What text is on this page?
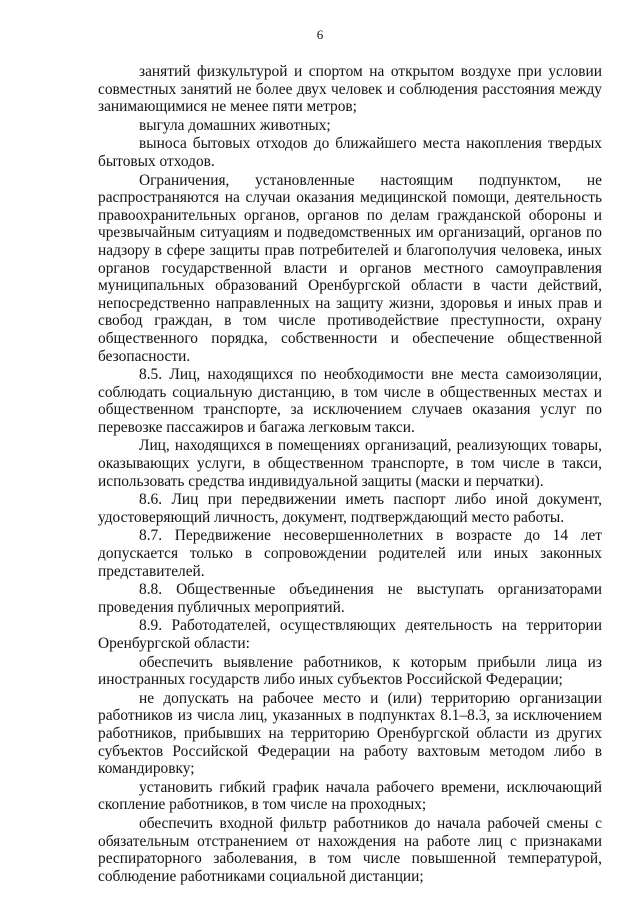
6

занятий физкультурой и спортом на открытом воздухе при условии совместных занятий не более двух человек и соблюдения расстояния между занимающимися не менее пяти метров;

выгула домашних животных;

выноса бытовых отходов до ближайшего места накопления твердых бытовых отходов.

Ограничения, установленные настоящим подпунктом, не распространяются на случаи оказания медицинской помощи, деятельность правоохранительных органов, органов по делам гражданской обороны и чрезвычайным ситуациям и подведомственных им организаций, органов по надзору в сфере защиты прав потребителей и благополучия человека, иных органов государственной власти и органов местного самоуправления муниципальных образований Оренбургской области в части действий, непосредственно направленных на защиту жизни, здоровья и иных прав и свобод граждан, в том числе противодействие преступности, охрану общественного порядка, собственности и обеспечение общественной безопасности.

8.5. Лиц, находящихся по необходимости вне места самоизоляции, соблюдать социальную дистанцию, в том числе в общественных местах и общественном транспорте, за исключением случаев оказания услуг по перевозке пассажиров и багажа легковым такси.

Лиц, находящихся в помещениях организаций, реализующих товары, оказывающих услуги, в общественном транспорте, в том числе в такси, использовать средства индивидуальной защиты (маски и перчатки).

8.6. Лиц при передвижении иметь паспорт либо иной документ, удостоверяющий личность, документ, подтверждающий место работы.

8.7. Передвижение несовершеннолетних в возрасте до 14 лет допускается только в сопровождении родителей или иных законных представителей.

8.8. Общественные объединения не выступать организаторами проведения публичных мероприятий.

8.9. Работодателей, осуществляющих деятельность на территории Оренбургской области:

обеспечить выявление работников, к которым прибыли лица из иностранных государств либо иных субъектов Российской Федерации;

не допускать на рабочее место и (или) территорию организации работников из числа лиц, указанных в подпунктах 8.1–8.3, за исключением работников, прибывших на территорию Оренбургской области из других субъектов Российской Федерации на работу вахтовым методом либо в командировку;

установить гибкий график начала рабочего времени, исключающий скопление работников, в том числе на проходных;

обеспечить входной фильтр работников до начала рабочей смены с обязательным отстранением от нахождения на работе лиц с признаками респираторного заболевания, в том числе повышенной температурой, соблюдение работниками социальной дистанции;
